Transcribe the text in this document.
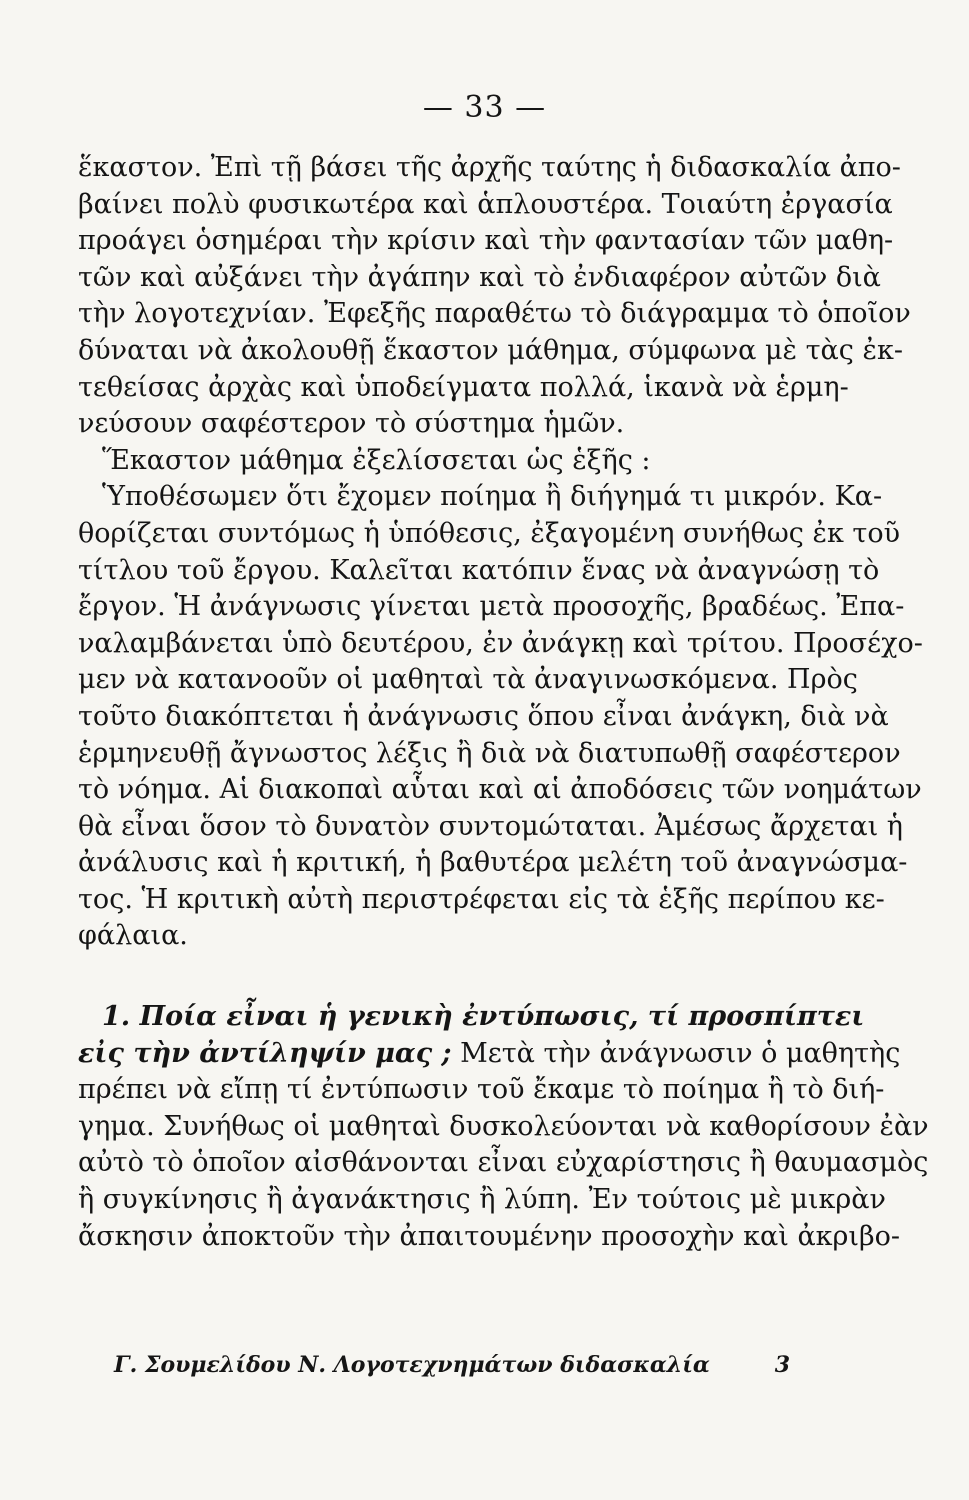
— 33 —
ἕκαστον. Ἐπὶ τῇ βάσει τῆς ἀρχῆς ταύτης ἡ διδασκαλία ἀπο-
βαίνει πολὺ φυσικωτέρα καὶ ἁπλουστέρα. Τοιαύτη ἐργασία
προάγει ὁσημέραι τὴν κρίσιν καὶ τὴν φαντασίαν τῶν μαθη-
τῶν καὶ αὐξάνει τὴν ἀγάπην καὶ τὸ ἐνδιαφέρον αὐτῶν διὰ
τὴν λογοτεχνίαν. Ἐφεξῆς παραθέτω τὸ διάγραμμα τὸ ὁποῖον
δύναται νὰ ἀκολουθῇ ἕκαστον μάθημα, σύμφωνα μὲ τὰς ἐκ-
τεθείσας ἀρχὰς καὶ ὑποδείγματα πολλά, ἱκανὰ νὰ ἑρμη-
νεύσουν σαφέστερον τὸ σύστημα ἡμῶν.
Ἕκαστον μάθημα ἐξελίσσεται ὡς ἑξῆς :
Ὑποθέσωμεν ὅτι ἔχομεν ποίημα ἢ διήγημά τι μικρόν. Κα-
θορίζεται συντόμως ἡ ὑπόθεσις, ἐξαγομένη συνήθως ἐκ τοῦ
τίτλου τοῦ ἔργου. Καλεῖται κατόπιν ἕνας νὰ ἀναγνώσῃ τὸ
ἔργον. Ἡ ἀνάγνωσις γίνεται μετὰ προσοχῆς, βραδέως. Ἐπα-
ναλαμβάνεται ὑπὸ δευτέρου, ἐν ἀνάγκῃ καὶ τρίτου. Προσέχο-
μεν νὰ κατανοοῦν οἱ μαθηταὶ τὰ ἀναγινωσκόμενα. Πρὸς
τοῦτο διακόπτεται ἡ ἀνάγνωσις ὅπου εἶναι ἀνάγκη, διὰ νὰ
ἑρμηνευθῇ ἄγνωστος λέξις ἢ διὰ νὰ διατυπωθῇ σαφέστερον
τὸ νόημα. Αἱ διακοπαὶ αὗται καὶ αἱ ἀποδόσεις τῶν νοημάτων
θὰ εἶναι ὅσον τὸ δυνατὸν συντομώταται. Ἀμέσως ἄρχεται ἡ
ἀνάλυσις καὶ ἡ κριτική, ἡ βαθυτέρα μελέτη τοῦ ἀναγνώσμα-
τος. Ἡ κριτικὴ αὐτὴ περιστρέφεται εἰς τὰ ἑξῆς περίπου κε-
φάλαια.
1. Ποία εἶναι ἡ γενικὴ ἐντύπωσις, τί προσπίπτει
εἰς τὴν ἀντίληψίν μας ; Μετὰ τὴν ἀνάγνωσιν ὁ μαθητὴς
πρέπει νὰ εἴπῃ τί ἐντύπωσιν τοῦ ἔκαμε τὸ ποίημα ἢ τὸ διή-
γημα. Συνήθως οἱ μαθηταὶ δυσκολεύονται νὰ καθορίσουν ἐὰν
αὐτὸ τὸ ὁποῖον αἰσθάνονται εἶναι εὐχαρίστησις ἢ θαυμασμὸς
ἢ συγκίνησις ἢ ἀγανάκτησις ἢ λύπη. Ἐν τούτοις μὲ μικρὰν
ἄσκησιν ἀποκτοῦν τὴν ἀπαιτουμένην προσοχὴν καὶ ἀκριβο-
Γ. Σουμελίδου Ν. Λογοτεχνημάτων διδασκαλία	3
